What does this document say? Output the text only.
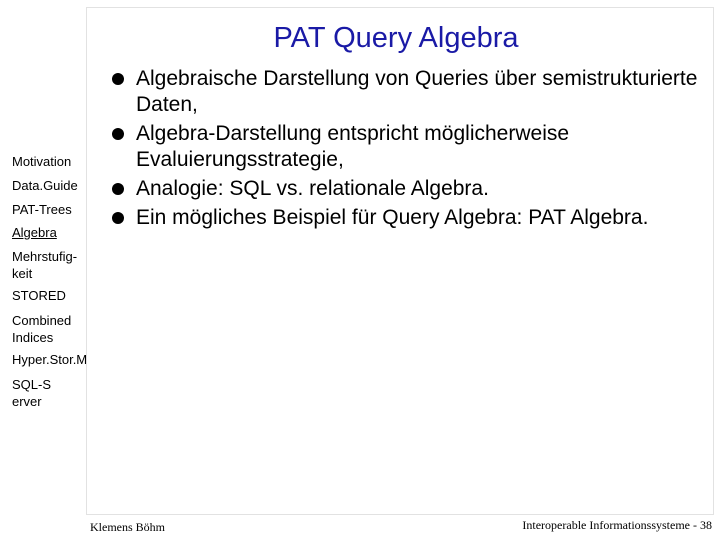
PAT Query Algebra
Motivation
Data.Guide
PAT-Trees
Algebra
Mehrstufig-keit
STORED
Combined Indices
Hyper.Stor.M
SQL-Server
Algebraische Darstellung von Queries über semistrukturierte Daten,
Algebra-Darstellung entspricht möglicherweise Evaluierungsstrategie,
Analogie: SQL vs. relationale Algebra.
Ein mögliches Beispiel für Query Algebra: PAT Algebra.
Klemens Böhm	Interoperable Informationssysteme - 38
